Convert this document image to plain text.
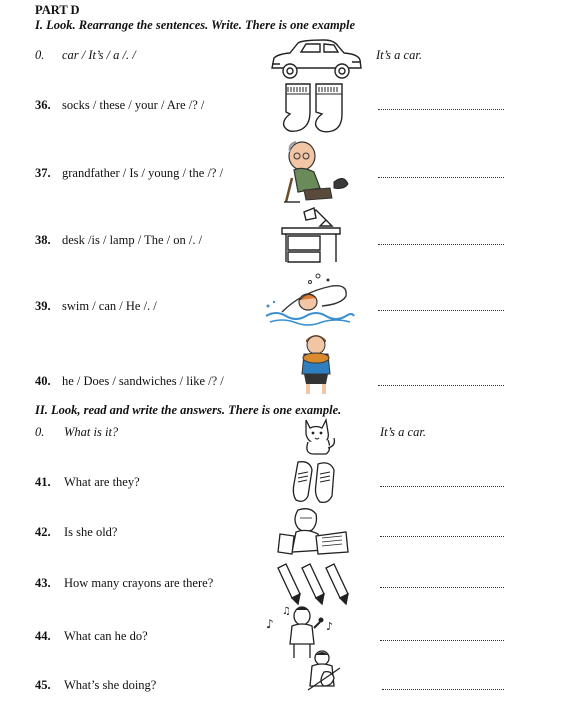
PART D
I. Look. Rearrange the sentences. Write. There is one example
0. car / It’s / a /. /	It’s a car.
36. socks / these / your / Are /? /
37. grandfather / Is / young / the /? /
38. desk /is / lamp / The / on /. /
39. swim / can / He /. /
40. he / Does / sandwiches / like /? /
II. Look, read and write the answers. There is one example.
0. What is it?	It’s a car.
41. What are they?
42. Is she old?
43. How many crayons are there?
44. What can he do?
♪
♫
♪
45. What’s she doing?
